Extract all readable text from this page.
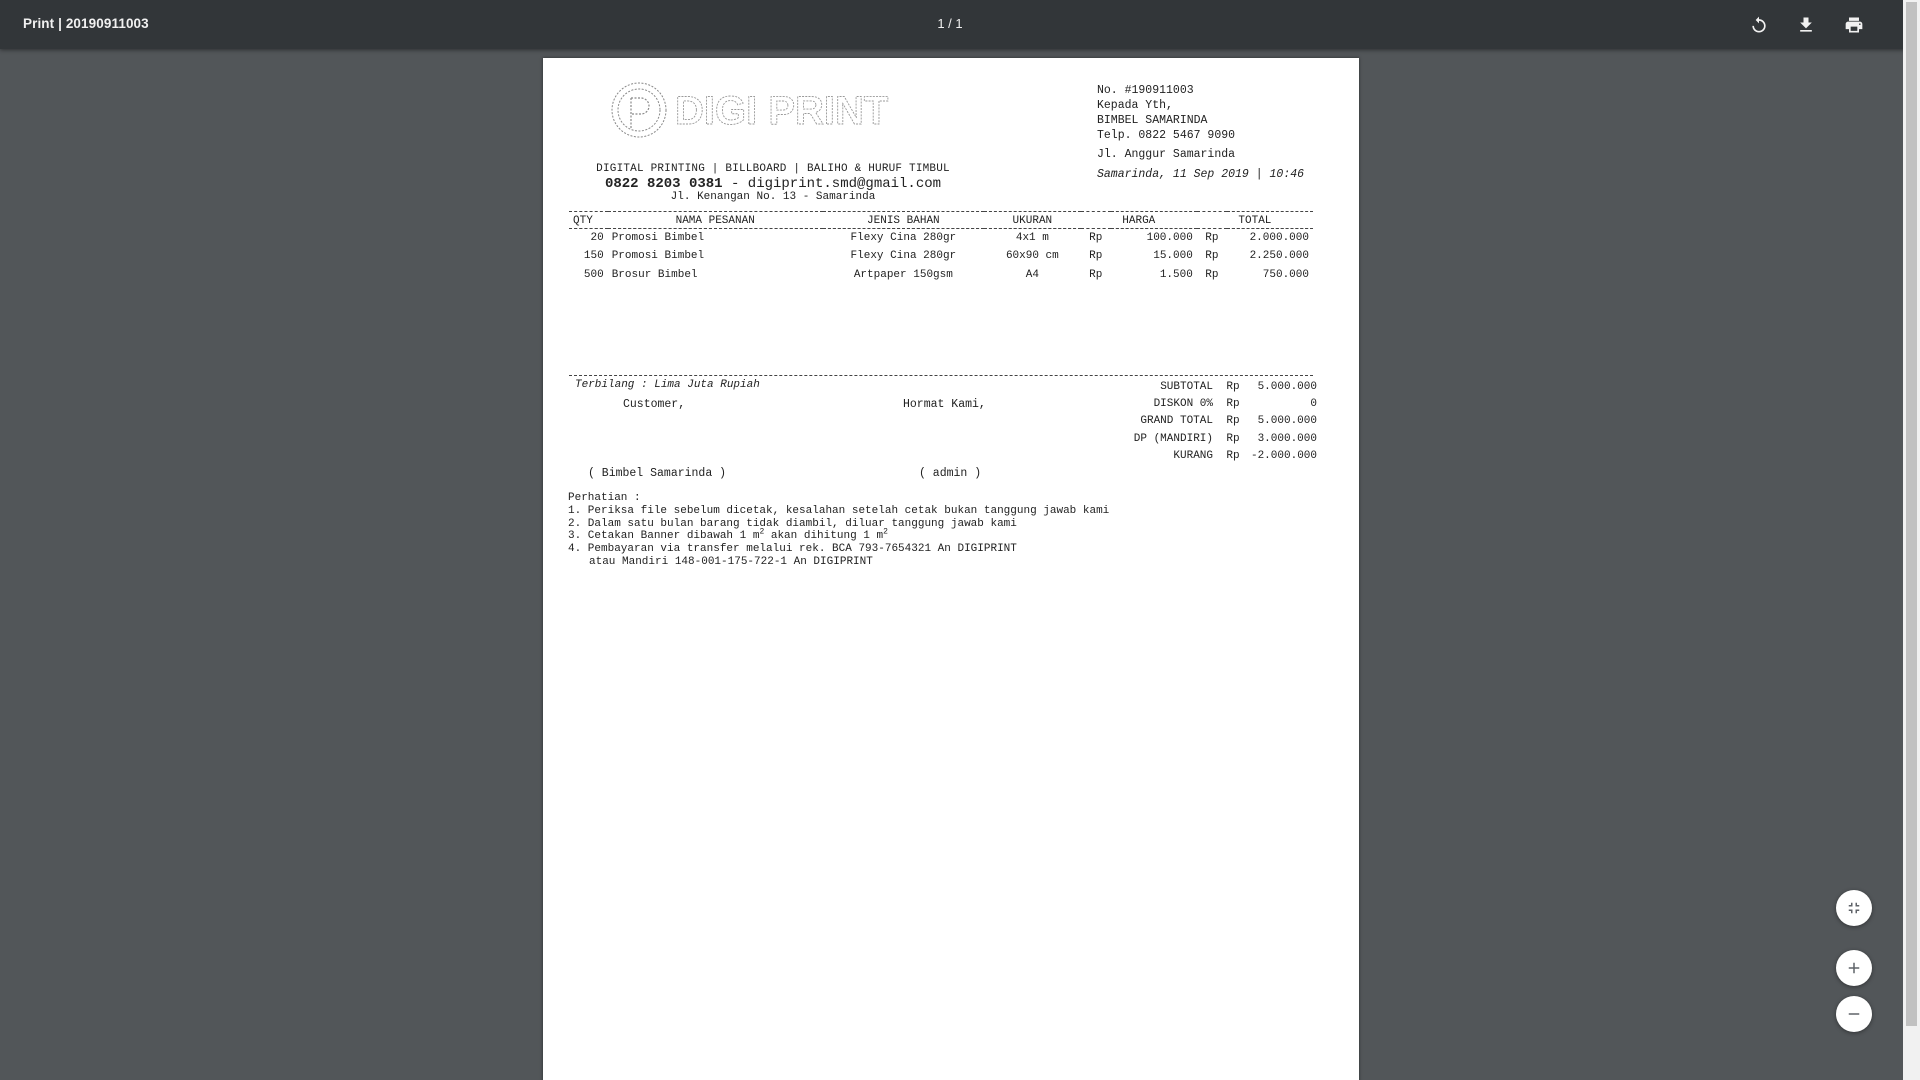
Print | 20190911003	1 / 1
DIGI PRINT
DIGITAL PRINTING | BILLBOARD | BALIHO & HURUF TIMBUL
0822 8203 0381 - digiprint.smd@gmail.com
Jl. Kenangan No. 13 - Samarinda
No. #190911003
Kepada Yth,
BIMBEL SAMARINDA
Telp. 0822 5467 9090
Jl. Anggur Samarinda
Samarinda, 11 Sep 2019 | 10:46
QTY	NAMA PESANAN	JENIS BAHAN	UKURAN	HARGA		TOTAL	
20	Promosi Bimbel	Flexy Cina 280gr	4x1 m	Rp	100.000	Rp	2.000.000
150	Promosi Bimbel	Flexy Cina 280gr	60x90 cm	Rp	15.000	Rp	2.250.000
500	Brosur Bimbel	Artpaper 150gsm	A4	Rp	1.500	Rp	750.000
Terbilang : Lima Juta Rupiah
Customer,	Hormat Kami,
( Bimbel Samarinda )	( admin )
SUBTOTAL	Rp	5.000.000
DISKON 0%	Rp	0
GRAND TOTAL	Rp	5.000.000
DP (MANDIRI)	Rp	3.000.000
KURANG	Rp	-2.000.000
Perhatian :
1. Periksa file sebelum dicetak, kesalahan setelah cetak bukan tanggung jawab kami
2. Dalam satu bulan barang tidak diambil, diluar tanggung jawab kami
3. Cetakan Banner dibawah 1 $m^2$ akan dihitung 1 $m^2$
4. Pembayaran via transfer melalui rek. BCA 793-7654321 An DIGIPRINT
atau Mandiri 148-001-175-722-1 An DIGIPRINT
